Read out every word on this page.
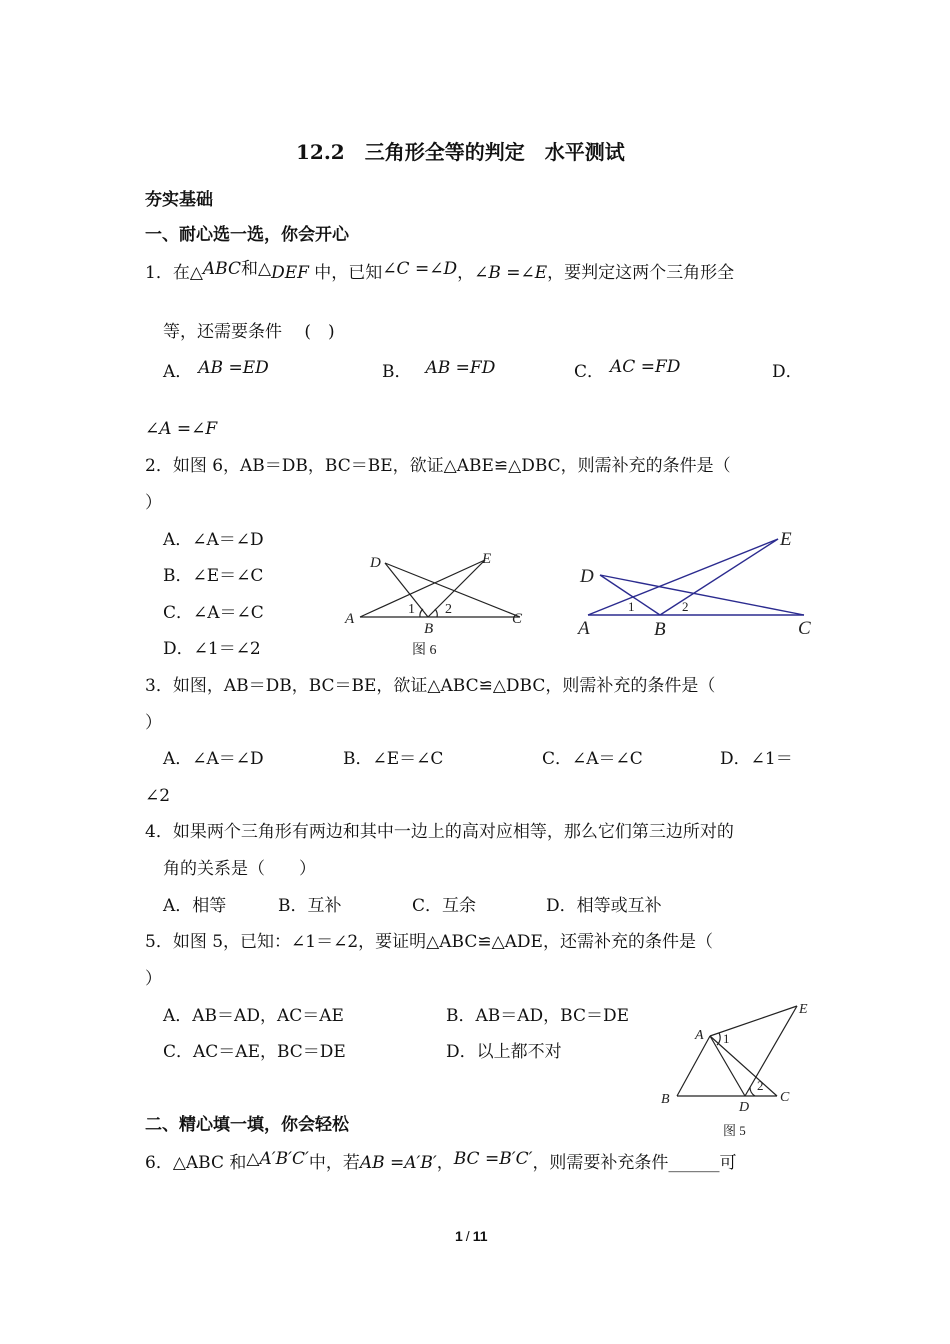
12.2　三角形全等的判定　水平测试
夯实基础
一、耐心选一选，你会开心
1．在△ABC和△DEF 中，已知∠C =∠D，∠B =∠E，要判定这两个三角形全
等，还需要条件　 (　)
A． AB =ED	B． AB =FD	C． AC =FD	D．
∠A =∠F
2．如图 6，AB＝DB，BC＝BE，欲证△ABE≌△DBC，则需补充的条件是（
）
A．∠A＝∠D
B．∠E＝∠C
C．∠A＝∠C
D．∠1＝∠2
D	E
A
B
C
1 2
图 6
D
E
A	B	C
1	2
3．如图，AB＝DB，BC＝BE，欲证△ABC≌△DBC，则需补充的条件是（
）
A．∠A＝∠D	B．∠E＝∠C	C．∠A＝∠C	D．∠1＝
∠2
4．如果两个三角形有两边和其中一边上的高对应相等，那么它们第三边所对的
角的关系是（　　）
A．相等	B．互补	C．互余	D．相等或互补
5．如图 5，已知：∠1＝∠2，要证明△ABC≌△ADE，还需补充的条件是（
）
A．AB＝AD，AC＝AE	B．AB＝AD，BC＝DE
C．AC＝AE，BC＝DE	D．以上都不对
A
B	C
D
E
1
2
图 5
二、精心填一填，你会轻松
6．△ABC 和△A′B′C′中，若AB =A′B′，BC =B′C′，则需要补充条件______可
1 / 11
